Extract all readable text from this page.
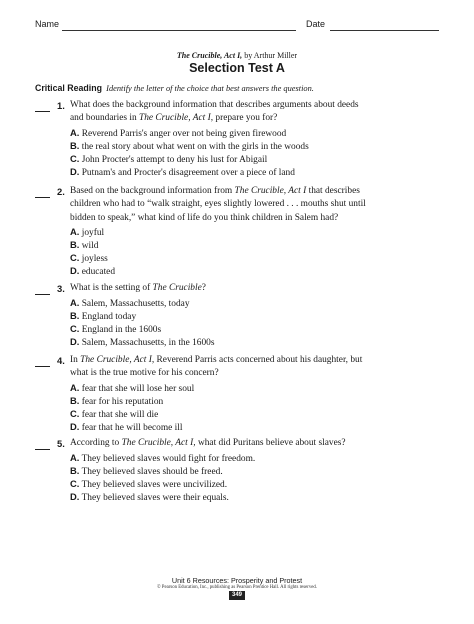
Name	Date
The Crucible, Act I, by Arthur Miller
Selection Test A
Critical Reading Identify the letter of the choice that best answers the question.
1. What does the background information that describes arguments about deeds
and boundaries in The Crucible, Act I, prepare you for?
A. Reverend Parris's anger over not being given firewood
B. the real story about what went on with the girls in the woods
C. John Procter's attempt to deny his lust for Abigail
D. Putnam's and Procter's disagreement over a piece of land
2. Based on the background information from The Crucible, Act I that describes
children who had to “walk straight, eyes slightly lowered . . . mouths shut until
bidden to speak,” what kind of life do you think children in Salem had?
A. joyful
B. wild
C. joyless
D. educated
3. What is the setting of The Crucible?
A. Salem, Massachusetts, today
B. England today
C. England in the 1600s
D. Salem, Massachusetts, in the 1600s
4. In The Crucible, Act I, Reverend Parris acts concerned about his daughter, but
what is the true motive for his concern?
A. fear that she will lose her soul
B. fear for his reputation
C. fear that she will die
D. fear that he will become ill
5. According to The Crucible, Act I, what did Puritans believe about slaves?
A. They believed slaves would fight for freedom.
B. They believed slaves should be freed.
C. They believed slaves were uncivilized.
D. They believed slaves were their equals.
Unit 6 Resources: Prosperity and Protest
© Pearson Education, Inc., publishing as Pearson Prentice Hall. All rights reserved.
349
